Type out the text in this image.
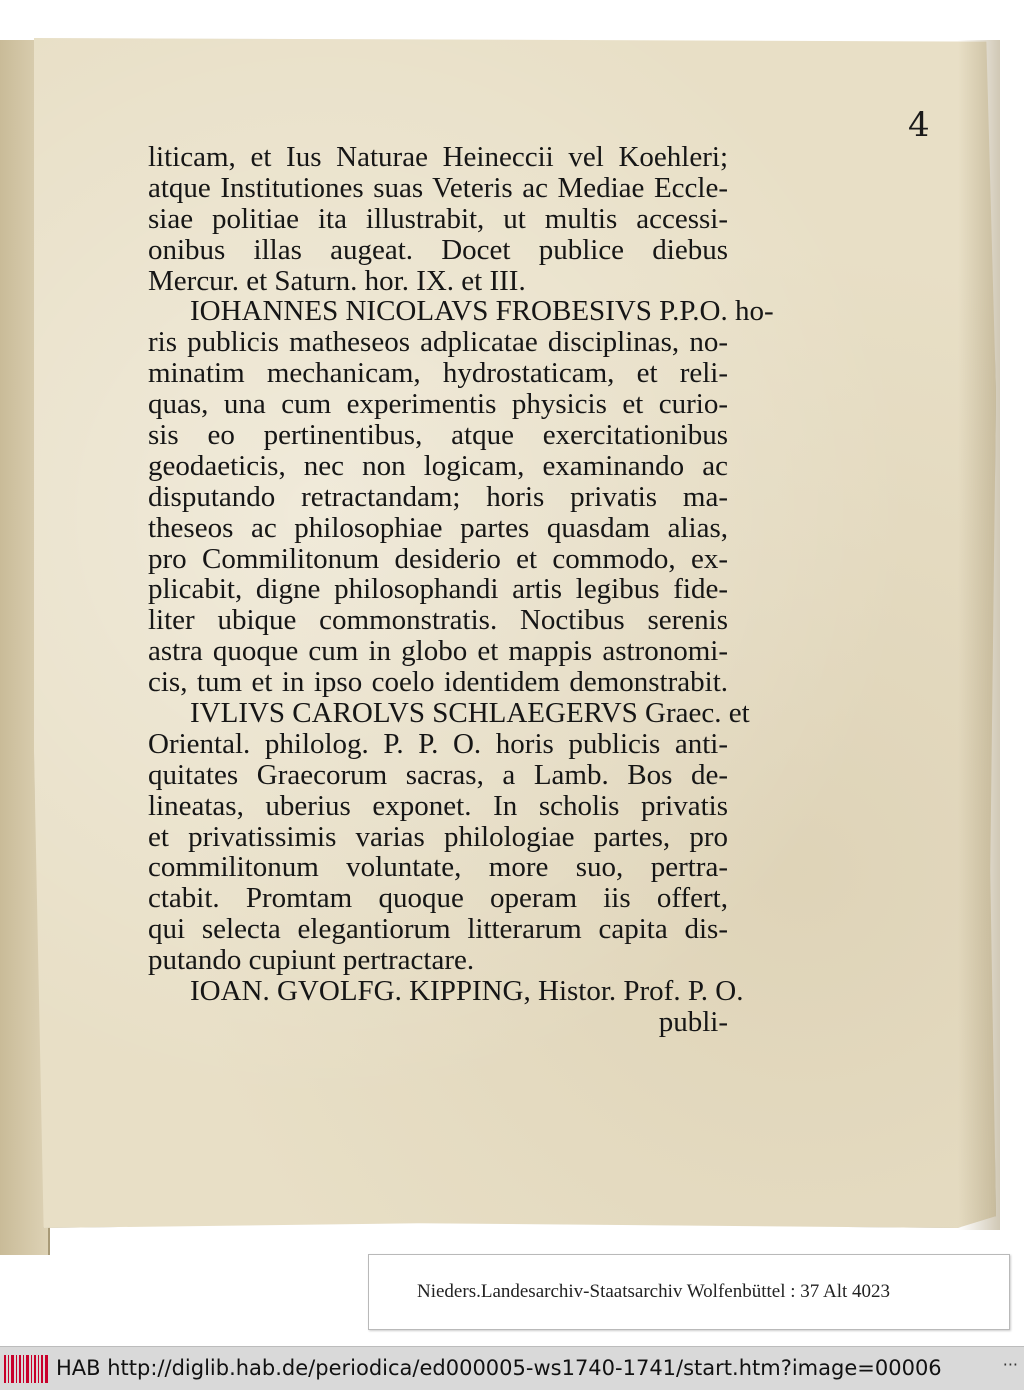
4
liticam, et Ius Naturae Heineccii vel Koehleri;
atque Institutiones suas Veteris ac Mediae Eccle-
siae politiae ita illustrabit, ut multis accessi-
onibus illas augeat. Docet publice diebus
Mercur. et Saturn. hor. IX. et III.
IOHANNES NICOLAVS FROBESIVS P.P.O. ho-
ris publicis matheseos adplicatae disciplinas, no-
minatim mechanicam, hydrostaticam, et reli-
quas, una cum experimentis physicis et curio-
sis eo pertinentibus, atque exercitationibus
geodaeticis, nec non logicam, examinando ac
disputando retractandam; horis privatis ma-
theseos ac philosophiae partes quasdam alias,
pro Commilitonum desiderio et commodo, ex-
plicabit, digne philosophandi artis legibus fide-
liter ubique commonstratis. Noctibus serenis
astra quoque cum in globo et mappis astronomi-
cis, tum et in ipso coelo identidem demonstrabit.
IVLIVS CAROLVS SCHLAEGERVS Graec. et
Oriental. philolog. P. P. O. horis publicis anti-
quitates Graecorum sacras, a Lamb. Bos de-
lineatas, uberius exponet. In scholis privatis
et privatissimis varias philologiae partes, pro
commilitonum voluntate, more suo, pertra-
ctabit. Promtam quoque operam iis offert,
qui selecta elegantiorum litterarum capita dis-
putando cupiunt pertractare.
IOAN. GVOLFG. KIPPING, Histor. Prof. P. O.
publi-
Nieders.Landesarchiv-Staatsarchiv Wolfenbüttel : 37 Alt 4023
HAB http://diglib.hab.de/periodica/ed000005-ws1740-1741/start.htm?image=00006	···
